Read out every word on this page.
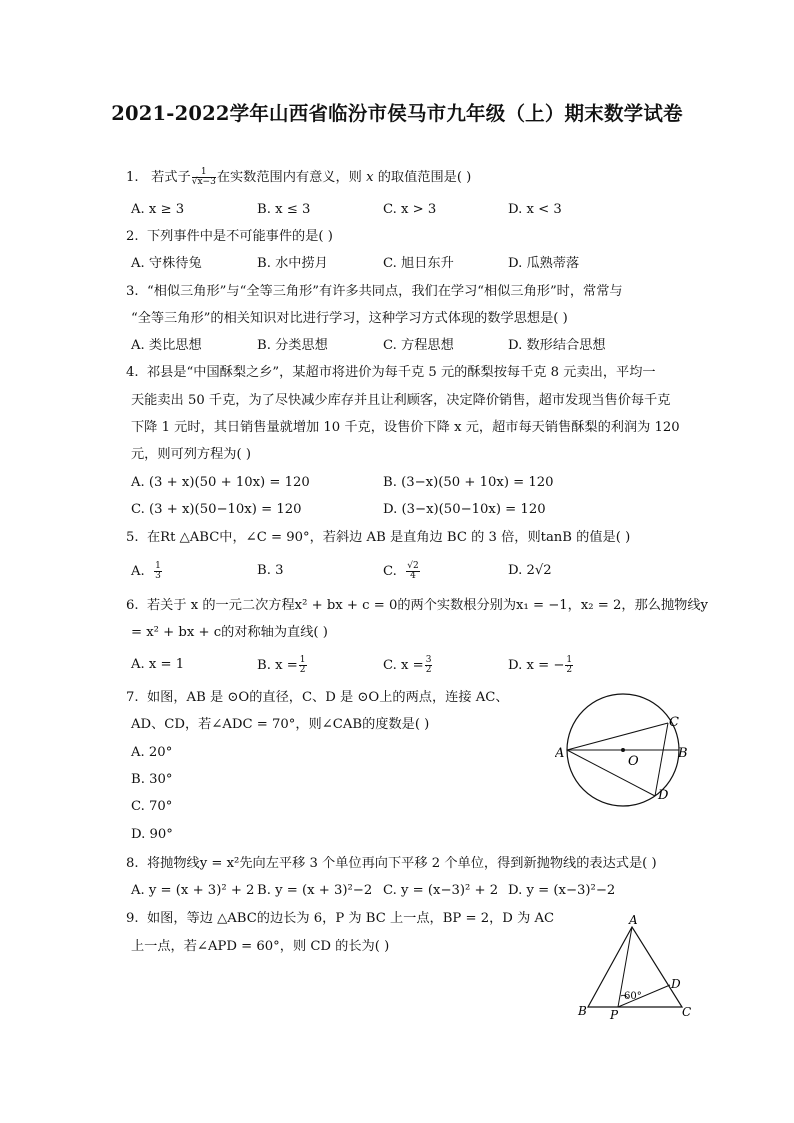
2021-2022学年山西省临汾市侯马市九年级（上）期末数学试卷
1. 若式子 $\frac{1}{√x-3}$ 在实数范围内有意义，则 x 的取值范围是( )
A. x ≥ 3	B. x ≤ 3	C. x > 3	D. x < 3
2. 下列事件中是不可能事件的是( )
A. 守株待兔	B. 水中捞月	C. 旭日东升	D. 瓜熟蒂落
3. “相似三角形”与“全等三角形”有许多共同点，我们在学习“相似三角形”时，常常与
“全等三角形”的相关知识对比进行学习，这种学习方式体现的数学思想是( )
A. 类比思想	B. 分类思想	C. 方程思想	D. 数形结合思想
4. 祁县是“中国酥梨之乡”，某超市将进价为每千克 5 元的酥梨按每千克 8 元卖出，平均一
天能卖出 50 千克，为了尽快减少库存并且让利顾客，决定降价销售，超市发现当售价每千克
下降 1 元时，其日销售量就增加 10 千克，设售价下降 x 元，超市每天销售酥梨的利润为 120
元，则可列方程为( )
A. (3 + x)(50 + 10x) = 120	B. (3−x)(50 + 10x) = 120
C. (3 + x)(50−10x) = 120	D. (3−x)(50−10x) = 120
5. 在Rt △ABC中，∠C = 90°，若斜边 AB 是直角边 BC 的 3 倍，则tanB 的值是( )
A. $\frac{1}{3}$	B. 3	C. $\frac{√2}{4}$	D. 2√2
6. 若关于 x 的一元二次方程x² + bx + c = 0的两个实数根分别为x₁ = −1，x₂ = 2，那么抛物线y
= x² + bx + c的对称轴为直线( )
A. x = 1	B. $x = \frac{1}{2}$	C. $x = \frac{3}{2}$	D. x = − $\frac{1}{2}$
7. 如图，AB 是 ⊙O的直径，C、D 是 ⊙O上的两点，连接 AC、
AD、CD，若∠ADC = 70°，则∠CAB的度数是( )
A. 20°
B. 30°
C. 70°
D. 90°
A	B
C
D
O
8. 将抛物线y = x²先向左平移 3 个单位再向下平移 2 个单位，得到新抛物线的表达式是( )
A. y = (x + 3)² + 2 B. y = (x + 3)²−2 C. y = (x−3)² + 2 D. y = (x−3)²−2
9. 如图，等边 △ABC的边长为 6，P 为 BC 上一点，BP = 2，D 为 AC
上一点，若∠APD = 60°，则 CD 的长为( )
A
B	C
D
P
60°
